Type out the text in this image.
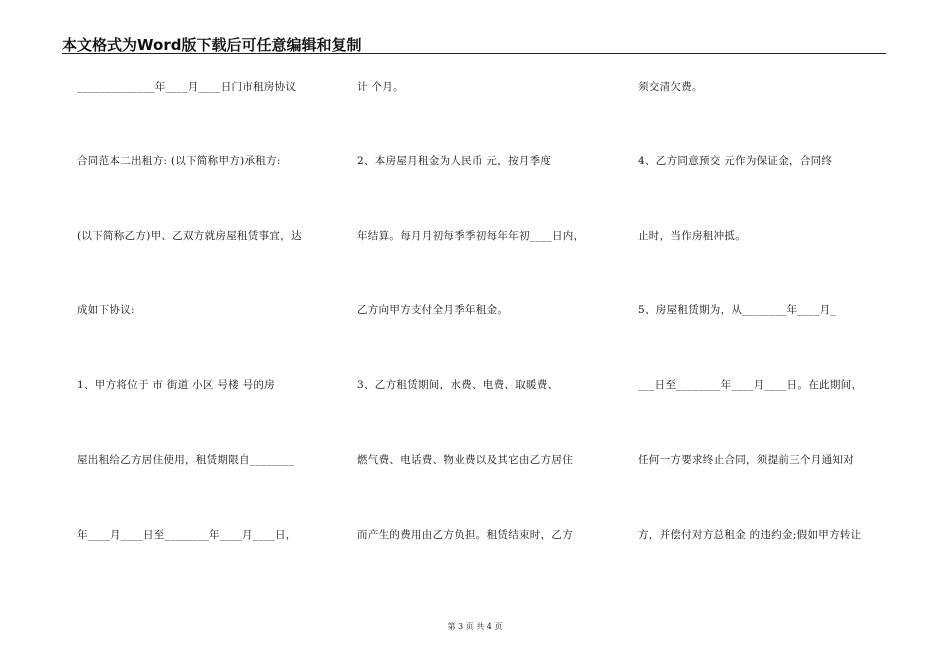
本文格式为Word版下载后可任意编辑和复制
______________年____月____日门市租房协议
合同范本二出租方: (以下简称甲方)承租方:
(以下简称乙方)甲、乙双方就房屋租赁事宜，达
成如下协议:
1、甲方将位于 市 街道 小区 号楼 号的房
屋出租给乙方居住使用，租赁期限自________
年____月____日至________年____月____日，
计 个月。
2、本房屋月租金为人民币 元，按月季度
年结算。每月月初每季季初每年年初____日内，
乙方向甲方支付全月季年租金。
3、乙方租赁期间，水费、电费、取暖费、
燃气费、电话费、物业费以及其它由乙方居住
而产生的费用由乙方负担。租赁结束时，乙方
须交清欠费。
4、乙方同意预交 元作为保证金，合同终
止时，当作房租冲抵。
5、房屋租赁期为，从________年____月_
___日至________年____月____日。在此期间，
任何一方要求终止合同，须提前三个月通知对
方，并偿付对方总租金 的违约金;假如甲方转让
第 3 页 共 4 页
